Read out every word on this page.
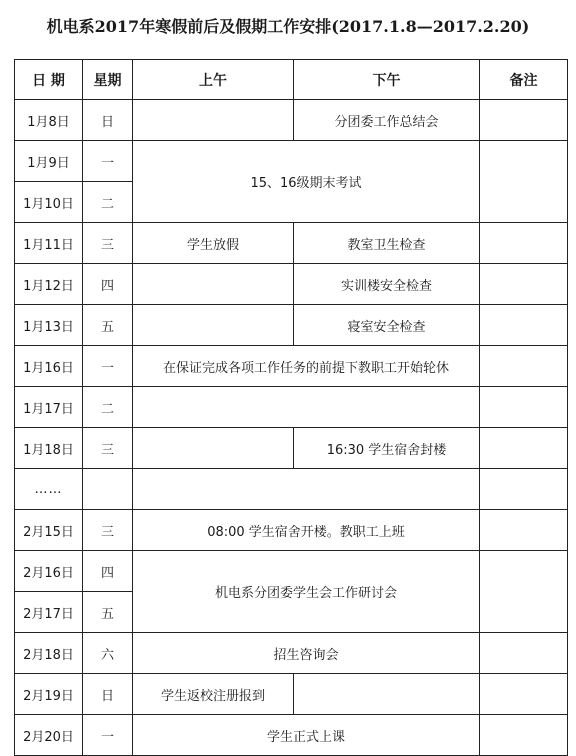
机电系2017年寒假前后及假期工作安排(2017.1.8—2017.2.20)
日 期	星期	上午	下午	备注
1月8日	日		分团委工作总结会	
1月9日	一	15、16级期末考试		
1月10日	二			
1月11日	三	学生放假	教室卫生检查	
1月12日	四		实训楼安全检查	
1月13日	五		寝室安全检查	
1月16日	一	在保证完成各项工作任务的前提下教职工开始轮休		
1月17日	二			
1月18日	三		16:30 学生宿舍封楼	
……				
2月15日	三	08:00 学生宿舍开楼。教职工上班		
2月16日	四	机电系分团委学生会工作研讨会		
2月17日	五			
2月18日	六	招生咨询会		
2月19日	日	学生返校注册报到		
2月20日	一	学生正式上课		
